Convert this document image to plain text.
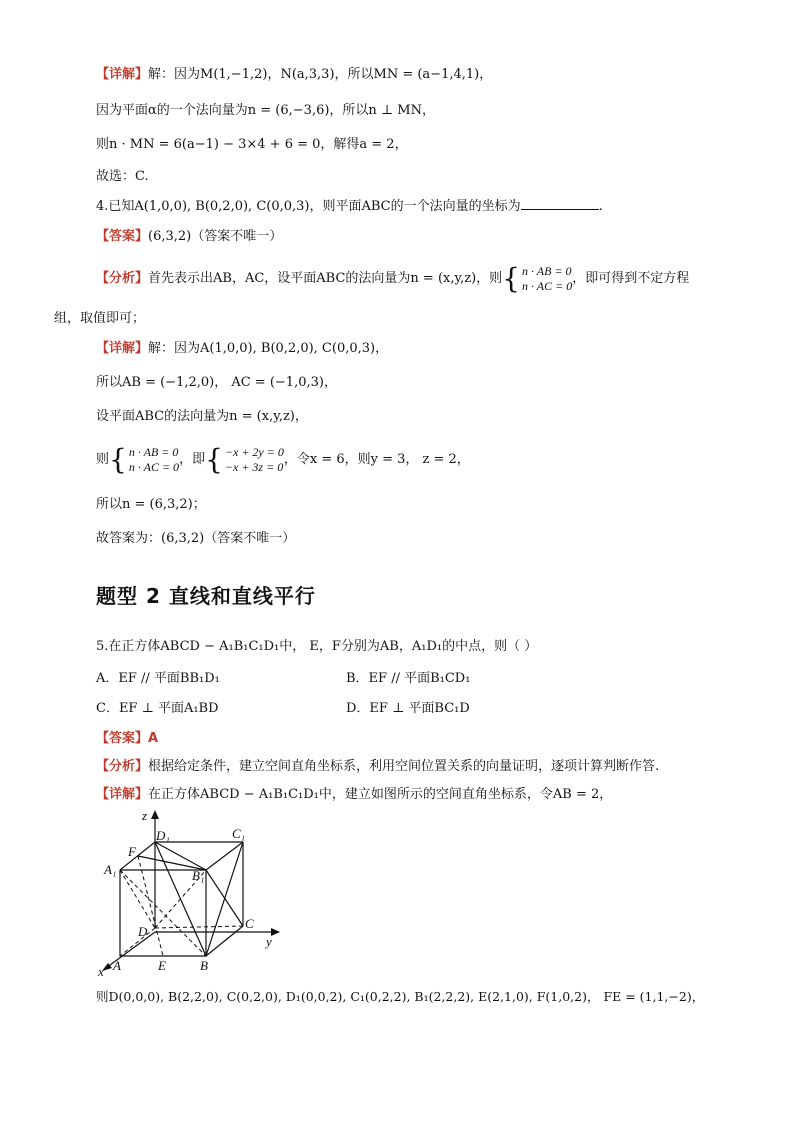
【详解】解：因为M(1,−1,2)，N(a,3,3)，所以MN = (a−1,4,1)，
因为平面α的一个法向量为n = (6,−3,6)，所以n ⊥ MN，
则n · MN = 6(a−1) − 3×4 + 6 = 0，解得a = 2，
故选：C.
4.已知A(1,0,0), B(0,2,0), C(0,0,3)，则平面ABC的一个法向量的坐标为	.
【答案】(6,3,2)（答案不唯一）
【分析】首先表示出AB，AC，设平面ABC的法向量为n = (x,y,z)，则 { n · AB = 0
n · AC = 0 ，即可得到不定方程
组，取值即可；
【详解】解：因为A(1,0,0), B(0,2,0), C(0,0,3)，
所以AB = (−1,2,0)， AC = (−1,0,3)，
设平面ABC的法向量为n = (x,y,z)，
则 { n · AB = 0
n · AC = 0 ，即 { −x + 2y = 0
−x + 3z = 0 ，令x = 6，则y = 3， z = 2，
所以n = (6,3,2)；
故答案为：(6,3,2)（答案不唯一）
题型 2 直线和直线平行
5.在正方体ABCD − A₁B₁C₁D₁中， E，F分别为AB，A₁D₁的中点，则（ ）
A．EF // 平面BB₁D₁	B．EF // 平面B₁CD₁
C．EF ⊥ 平面A₁BD	D．EF ⊥ 平面BC₁D
【答案】A
【分析】根据给定条件，建立空间直角坐标系，利用空间位置关系的向量证明，逐项计算判断作答.
【详解】在正方体ABCD − A₁B₁C₁D₁中，建立如图所示的空间直角坐标系，令AB = 2，
z
y
x
D₁	C₁
F
A₁	B₁
D
C
A	E	B
则D(0,0,0), B(2,2,0), C(0,2,0), D₁(0,0,2), C₁(0,2,2), B₁(2,2,2), E(2,1,0), F(1,0,2)， FE = (1,1,−2)，
